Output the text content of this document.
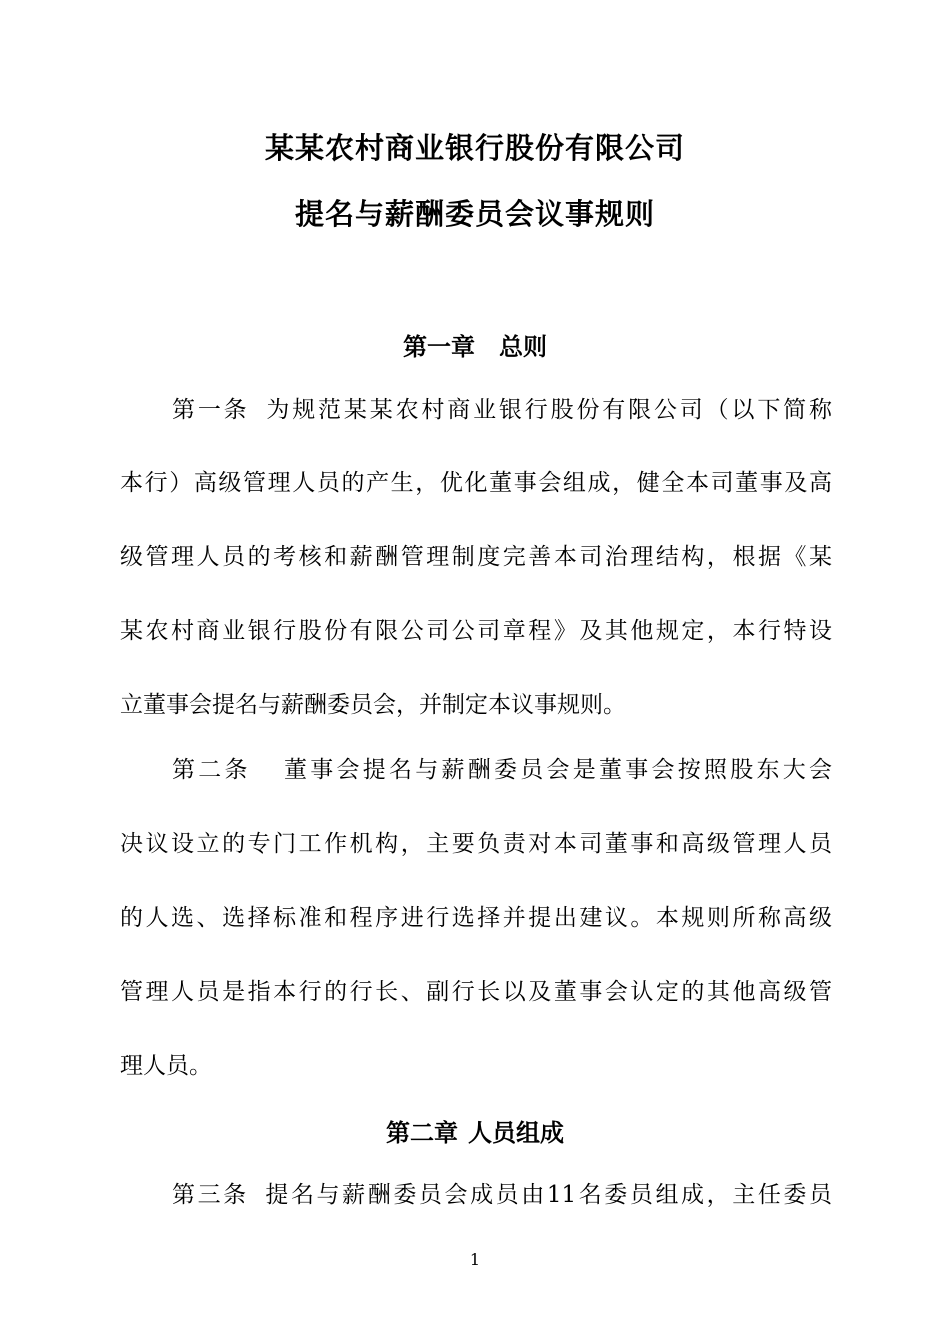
某某农村商业银行股份有限公司
提名与薪酬委员会议事规则
第一章 总则
第一条 为规范某某农村商业银行股份有限公司（以下简称
本行）高级管理人员的产生，优化董事会组成，健全本司董事及高
级管理人员的考核和薪酬管理制度完善本司治理结构，根据《某
某农村商业银行股份有限公司公司章程》及其他规定，本行特设
立董事会提名与薪酬委员会，并制定本议事规则。
第二条 董事会提名与薪酬委员会是董事会按照股东大会
决议设立的专门工作机构，主要负责对本司董事和高级管理人员
的人选、选择标准和程序进行选择并提出建议。本规则所称高级
管理人员是指本行的行长、副行长以及董事会认定的其他高级管
理人员。
第二章 人员组成
第三条 提名与薪酬委员会成员由11名委员组成，主任委员
1
